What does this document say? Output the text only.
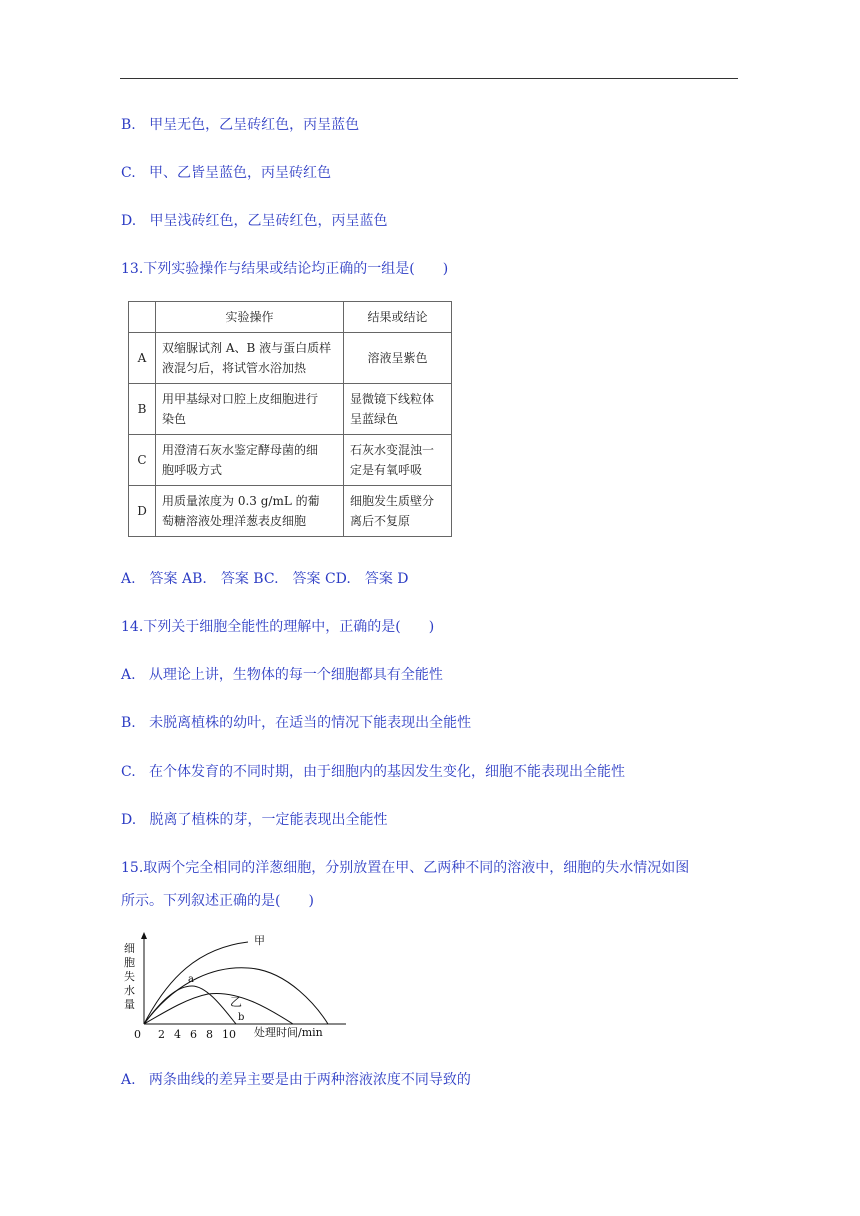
B. 甲呈无色，乙呈砖红色，丙呈蓝色
C. 甲、乙皆呈蓝色，丙呈砖红色
D. 甲呈浅砖红色，乙呈砖红色，丙呈蓝色
13.下列实验操作与结果或结论均正确的一组是(　　)
	实验操作	结果或结论
A	双缩脲试剂 A、B 液与蛋白质样
液混匀后，将试管水浴加热	溶液呈紫色
B	用甲基绿对口腔上皮细胞进行
染色	显微镜下线粒体
呈蓝绿色
C	用澄清石灰水鉴定酵母菌的细
胞呼吸方式	石灰水变混浊一
定是有氧呼吸
D	用质量浓度为 0.3 g/mL 的葡
萄糖溶液处理洋葱表皮细胞	细胞发生质壁分
离后不复原
A.　答案 AB.　答案 BC.　答案 CD.　答案 D
14.下列关于细胞全能性的理解中，正确的是(　　)
A. 从理论上讲，生物体的每一个细胞都具有全能性
B. 未脱离植株的幼叶，在适当的情况下能表现出全能性
C. 在个体发育的不同时期，由于细胞内的基因发生变化，细胞不能表现出全能性
D. 脱离了植株的芽，一定能表现出全能性
15.取两个完全相同的洋葱细胞，分别放置在甲、乙两种不同的溶液中，细胞的失水情况如图
所示。下列叙述正确的是(　　)
细
胞
失
水
量
0 2 4 6 8 10 处理时间/min
甲
乙
a
b
A. 两条曲线的差异主要是由于两种溶液浓度不同导致的
